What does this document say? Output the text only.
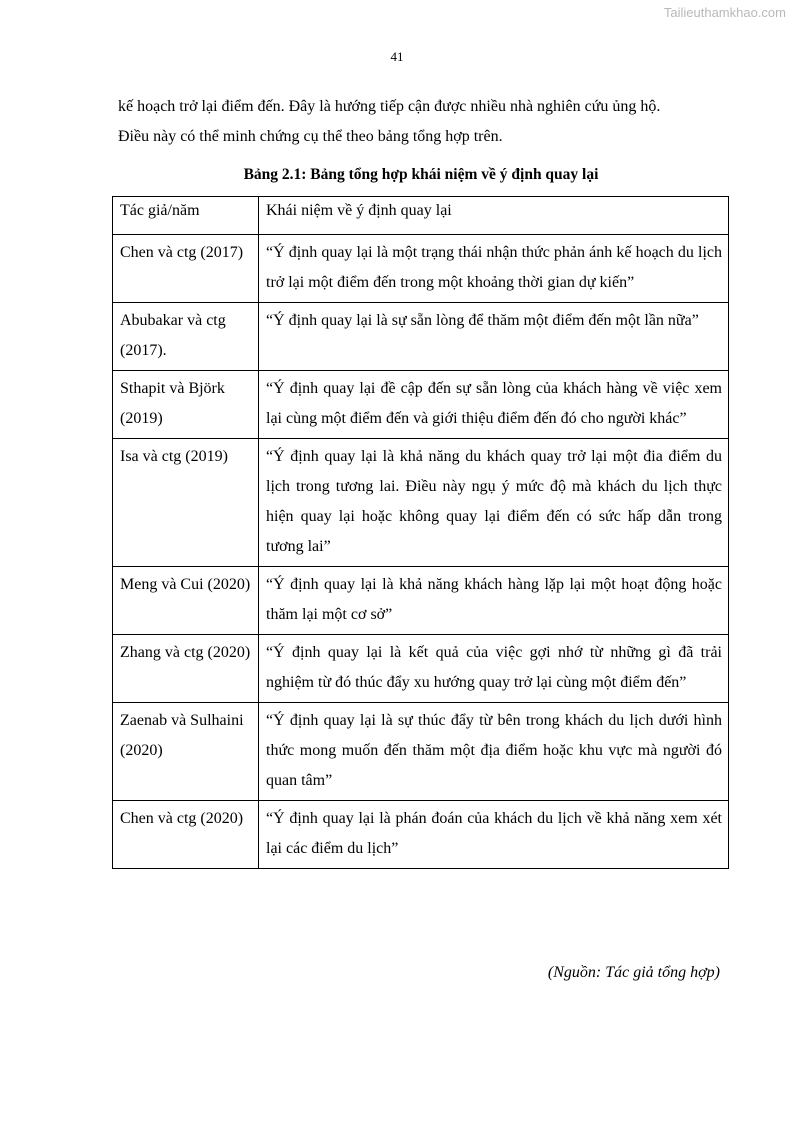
Tailieuthamkhao.com
41

kế hoạch trở lại điểm đến. Đây là hướng tiếp cận được nhiều nhà nghiên cứu ủng hộ.

Điều này có thể minh chứng cụ thể theo bảng tổng hợp trên.

Bảng 2.1: Bảng tổng hợp khái niệm về ý định quay lại
Tác giả/năm	Khái niệm về ý định quay lại
Chen và ctg (2017)	“Ý định quay lại là một trạng thái nhận thức phản ánh kế hoạch du lịch trở lại một điểm đến trong một khoảng thời gian dự kiến”
Abubakar và ctg (2017).	“Ý định quay lại là sự sẵn lòng để thăm một điểm đến một lần nữa”
Sthapit và Björk (2019)	“Ý định quay lại đề cập đến sự sẵn lòng của khách hàng về việc xem lại cùng một điểm đến và giới thiệu điểm đến đó cho người khác”
Isa và ctg (2019)	“Ý định quay lại là khả năng du khách quay trở lại một đia điểm du lịch trong tương lai. Điều này ngụ ý mức độ mà khách du lịch thực hiện quay lại hoặc không quay lại điểm đến có sức hấp dẫn trong tương lai”
Meng và Cui (2020)	“Ý định quay lại là khả năng khách hàng lặp lại một hoạt động hoặc thăm lại một cơ sở”
Zhang và ctg (2020)	“Ý định quay lại là kết quả của việc gợi nhớ từ những gì đã trải nghiệm từ đó thúc đẩy xu hướng quay trở lại cùng một điểm đến”
Zaenab và Sulhaini (2020)	“Ý định quay lại là sự thúc đẩy từ bên trong khách du lịch dưới hình thức mong muốn đến thăm một địa điểm hoặc khu vực mà người đó quan tâm”
Chen và ctg (2020)	“Ý định quay lại là phán đoán của khách du lịch về khả năng xem xét lại các điểm du lịch”
(Nguồn: Tác giả tổng hợp)
